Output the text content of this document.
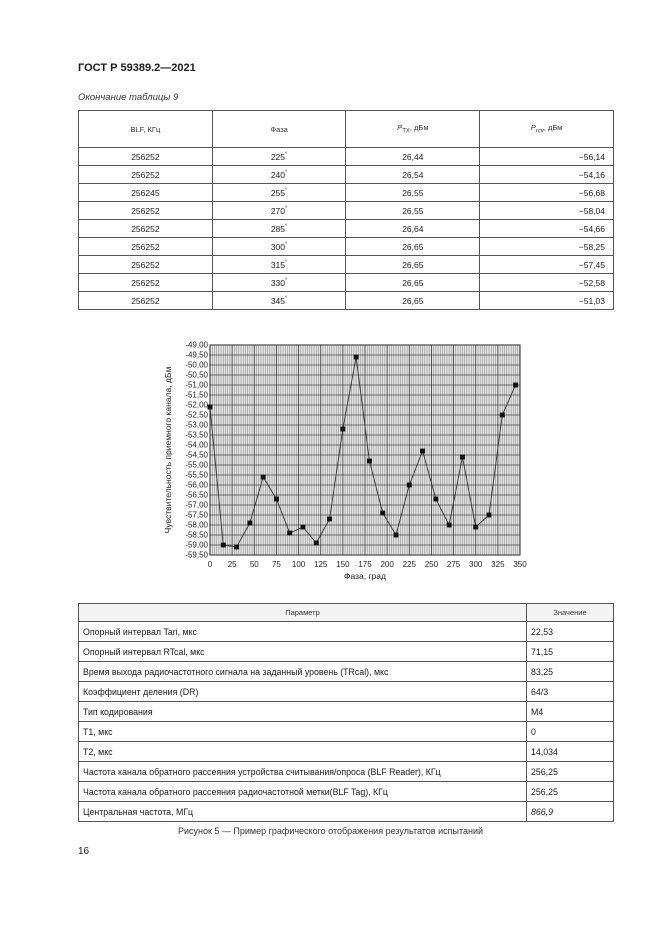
ГОСТ Р 59389.2—2021
Окончание таблицы 9
BLF, КГц	Фаза	$P_{TX}$, дБм	$P_{rcv}$, дБм
256252	225°	26,44	−56,14
256252	240°	26,54	−54,16
256245	255°	26,55	−56,68
256252	270°	26,55	−58,04
256252	285°	26,64	−54,66
256252	300°	26,65	−58,25
256252	315°	26,65	−57,45
256252	330°	26,65	−52,58
256252	345°	26,65	−51,03
-49,00
-49,50
-50,00
-50,50
-51,00
-51,50
-52,00
-52,50
-53,00
-53,50
-54,00
-54,50
-55,00
-55,50
-56,00
-56,50
-57,00
-57,50
-58,00
-58,50
-59,00
-59,50
0 25 50 75 100 125 150 175 200 225 250 275 300 325 350
Фаза, град
Чувствительность приемного канала, дБм
Параметр	Значение
Опорный интервал Tari, мкс	22,53
Опорный интервал RTcal, мкс	71,15
Время выхода радиочастотного сигнала на заданный уровень (TRcal), мкс	83,25
Коэффициент деления (DR)	64/3
Тип кодирования	M4
T1, мкс	0
T2, мкс	14,034
Частота канала обратного рассеяния устройства считывания/опроса (BLF Reader), КГц	256,25
Частота канала обратного рассеяния радиочастотной метки(BLF Tag), КГц	256,25
Центральная частота, МГц	866,9
Рисунок 5 — Пример графического отображения результатов испытаний
16
